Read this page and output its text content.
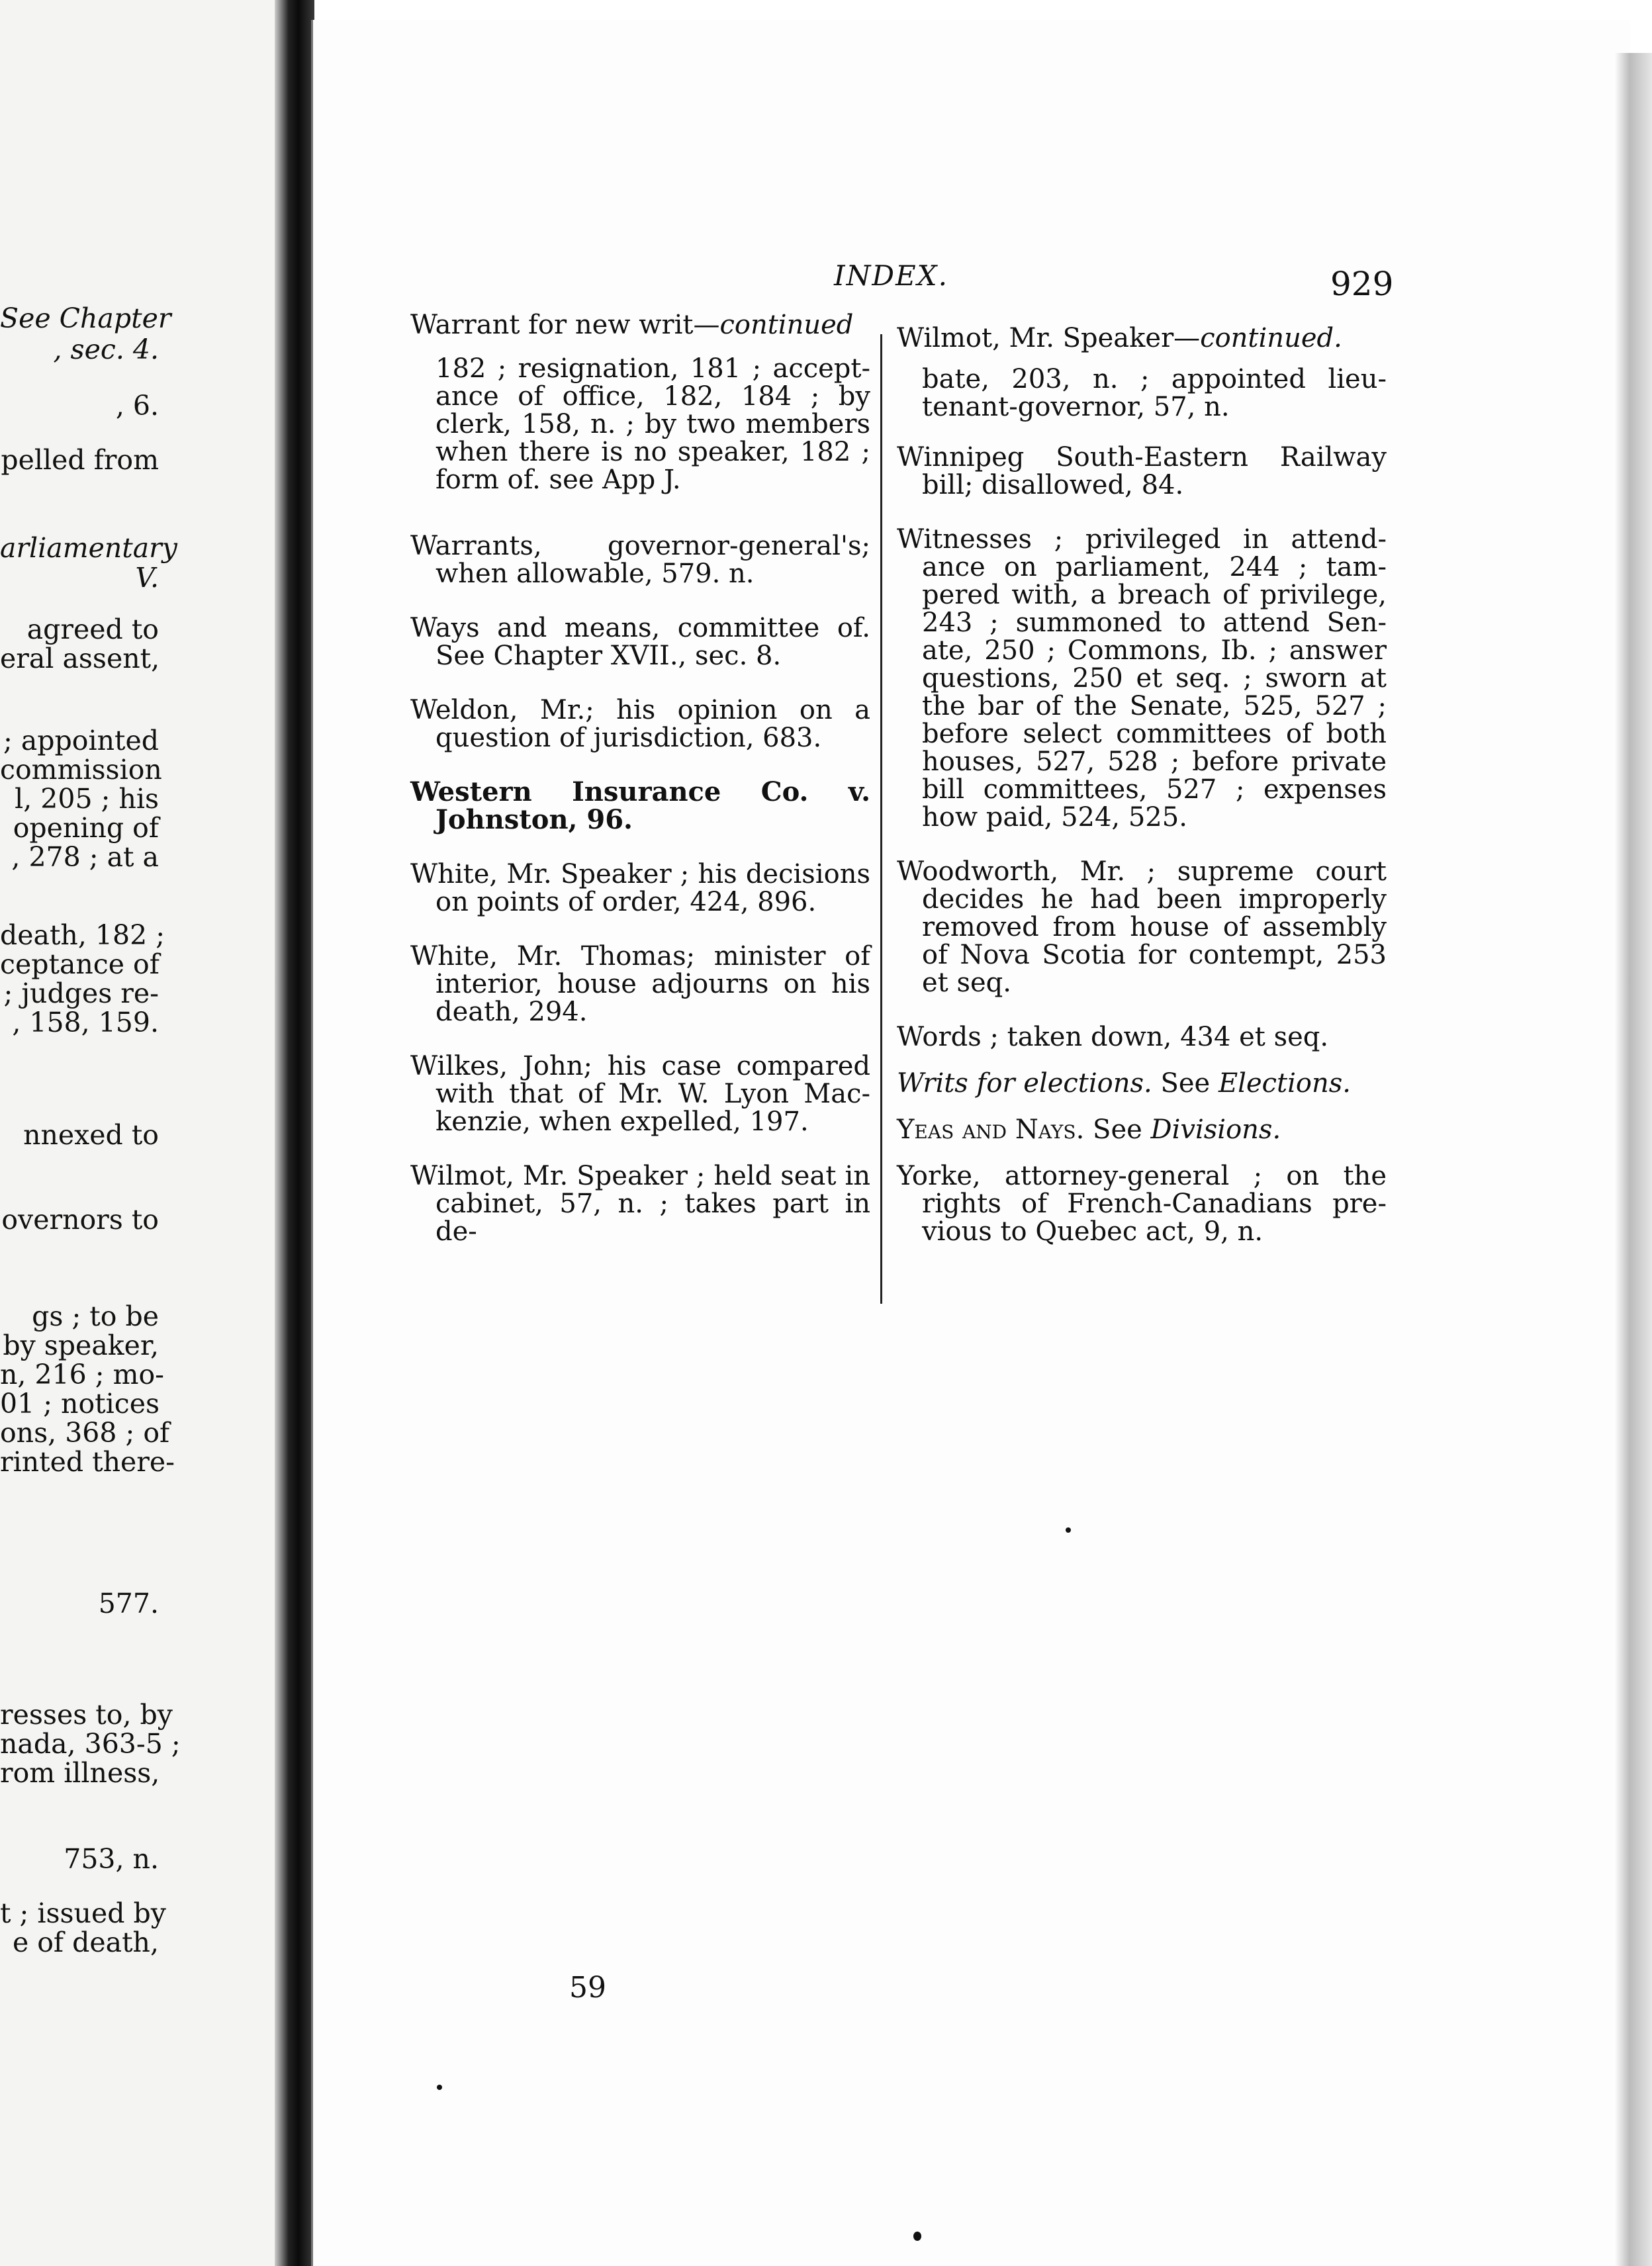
See Chapter
, sec. 4.
, 6.
pelled from
arliamentary
V.
agreed to
eral assent,
; appointed
commission
l, 205 ; his
opening of
, 278 ; at a
death, 182 ;
ceptance of
; judges re-
, 158, 159.
nnexed to
overnors to
gs ; to be
by speaker,
n, 216 ; mo-
01 ; notices
ons, 368 ; of
rinted there-
577.
resses to, by
nada, 363-5 ;
rom illness,
753, n.
t ; issued by
e of death,
INDEX.	929
Warrant for new writ—continued
182 ; resignation, 181 ; accept-ance of office, 182, 184 ; by clerk, 158, n. ; by two members when there is no speaker, 182 ; form of. see App J.
Warrants, governor-general's; when allowable, 579. n.
Ways and means, committee of. See Chapter XVII., sec. 8.
Weldon, Mr.; his opinion on a question of jurisdiction, 683.
Western Insurance Co. v. Johnston, 96.
White, Mr. Speaker ; his decisions on points of order, 424, 896.
White, Mr. Thomas; minister of interior, house adjourns on his death, 294.
Wilkes, John; his case compared with that of Mr. W. Lyon Mac-kenzie, when expelled, 197.
Wilmot, Mr. Speaker ; held seat in cabinet, 57, n. ; takes part in de-
Wilmot, Mr. Speaker—continued.
bate, 203, n. ; appointed lieu-tenant-governor, 57, n.
Winnipeg South-Eastern Railway bill; disallowed, 84.
Witnesses ; privileged in attend-ance on parliament, 244 ; tam-pered with, a breach of privilege, 243 ; summoned to attend Sen-ate, 250 ; Commons, Ib. ; answer questions, 250 et seq. ; sworn at the bar of the Senate, 525, 527 ; before select committees of both houses, 527, 528 ; before private bill committees, 527 ; expenses how paid, 524, 525.
Woodworth, Mr. ; supreme court decides he had been improperly removed from house of assembly of Nova Scotia for contempt, 253 et seq.
Words ; taken down, 434 et seq.
Writs for elections. See Elections.
Yeas and Nays. See Divisions.
Yorke, attorney-general ; on the rights of French-Canadians pre-vious to Quebec act, 9, n.
59
